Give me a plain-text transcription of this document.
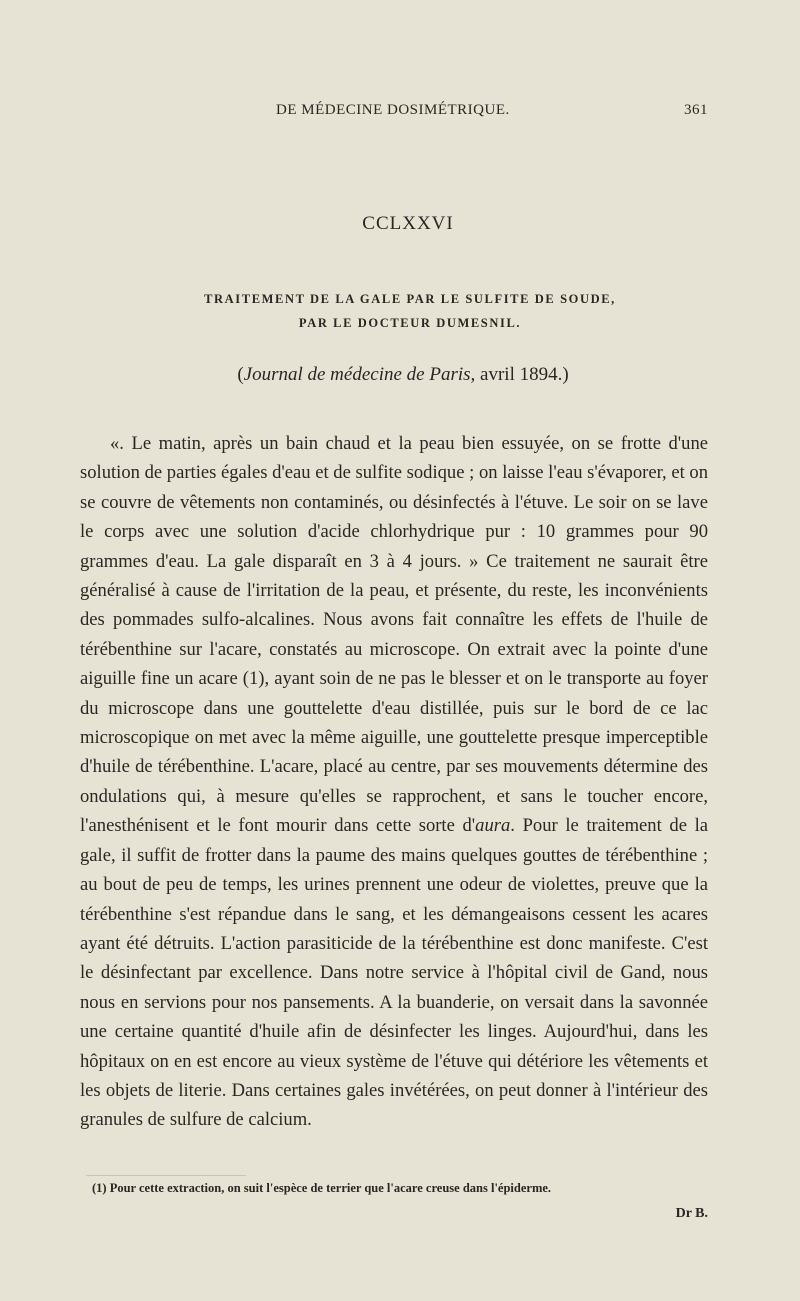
DE MÉDECINE DOSIMÉTRIQUE.	361
CCLXXVI
TRAITEMENT DE LA GALE PAR LE SULFITE DE SOUDE,
PAR LE DOCTEUR DUMESNIL.
(Journal de médecine de Paris, avril 1894.)

«. Le matin, après un bain chaud et la peau bien essuyée, on se frotte d'une solution de parties égales d'eau et de sulfite sodique ; on laisse l'eau s'évaporer, et on se couvre de vêtements non contaminés, ou désinfectés à l'étuve. Le soir on se lave le corps avec une solution d'acide chlorhydrique pur : 10 grammes pour 90 grammes d'eau. La gale disparaît en 3 à 4 jours. » Ce traitement ne saurait être généralisé à cause de l'irritation de la peau, et présente, du reste, les inconvénients des pommades sulfo-alcalines. Nous avons fait connaître les effets de l'huile de térébenthine sur l'acare, constatés au microscope. On extrait avec la pointe d'une aiguille fine un acare (1), ayant soin de ne pas le blesser et on le transporte au foyer du microscope dans une gouttelette d'eau distillée, puis sur le bord de ce lac microscopique on met avec la même aiguille, une gouttelette presque imperceptible d'huile de térébenthine. L'acare, placé au centre, par ses mouvements détermine des ondulations qui, à mesure qu'elles se rapprochent, et sans le toucher encore, l'anesthénisent et le font mourir dans cette sorte d'aura. Pour le traitement de la gale, il suffit de frotter dans la paume des mains quelques gouttes de térébenthine ; au bout de peu de temps, les urines prennent une odeur de violettes, preuve que la térébenthine s'est répandue dans le sang, et les démangeaisons cessent les acares ayant été détruits. L'action parasiticide de la térébenthine est donc manifeste. C'est le désinfectant par excellence. Dans notre service à l'hôpital civil de Gand, nous nous en servions pour nos pansements. A la buanderie, on versait dans la savonnée une certaine quantité d'huile afin de désinfecter les linges. Aujourd'hui, dans les hôpitaux on en est encore au vieux système de l'étuve qui détériore les vêtements et les objets de literie. Dans certaines gales invétérées, on peut donner à l'intérieur des granules de sulfure de calcium.

(1) Pour cette extraction, on suit l'espèce de terrier que l'acare creuse dans l'épiderme.
Dr B.
